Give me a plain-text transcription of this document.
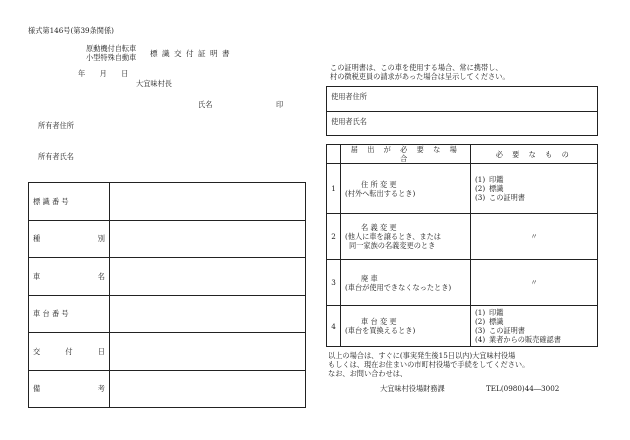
様式第146号(第39条関係)
原動機付自転車
小型特殊自動車 標 識 交 付 証 明 書
年　　月　　日
大宜味村長
氏名	印
所有者住所
所有者氏名
標 識 番 号	

種 別	

車 名	

車 台 番 号	

交 付 日	

備 考	

この証明書は、この車を使用する場合、常に携帯し、
村の徴税吏員の請求があった場合は呈示してください。
使用者住所
使用者氏名
	届 出 が 必 要 な 場 合	必 要 な も の
1	住 所 変 更
(村外へ転出するとき)	(1) 印鑑
(2) 標識
(3) この証明書

2	名 義 変 更
(他人に車を譲るとき、または
同一家族の名義変更のとき	〃
3	廃 車
(車台が使用できなくなったとき)	〃
4	車 台 変 更
(車台を買換えるとき)	(1) 印鑑
(2) 標識
(3) この証明書
(4) 業者からの販売確認書
以上の場合は、すぐに(事実発生後15日以内)大宜味村役場
もしくは、現在お住まいの市町村役場で手続をしてください。
なお、お問い合わせは、
大宜味村役場財務課	TEL(0980)44―3002
